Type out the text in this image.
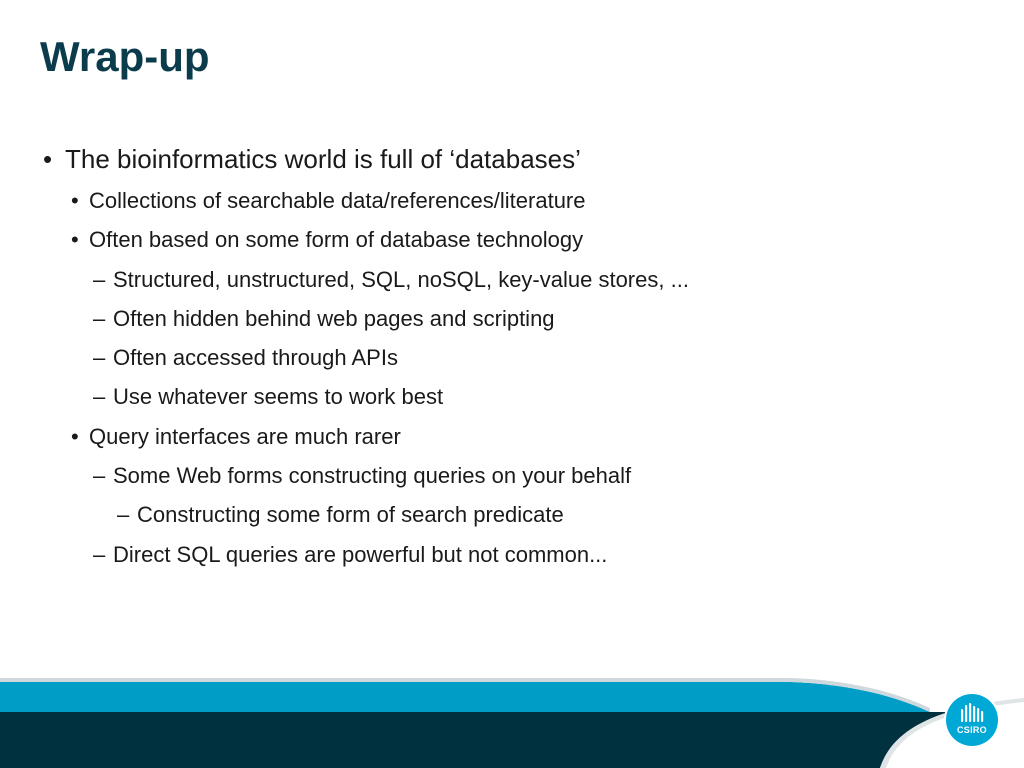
Wrap-up
• The bioinformatics world is full of ‘databases’
• Collections of searchable data/references/literature
• Often based on some form of database technology
– Structured, unstructured, SQL, noSQL, key-value stores, ...
– Often hidden behind web pages and scripting
– Often accessed through APIs
– Use whatever seems to work best
• Query interfaces are much rarer
– Some Web forms constructing queries on your behalf
– Constructing some form of search predicate
– Direct SQL queries are powerful but not common...
CSIRO
